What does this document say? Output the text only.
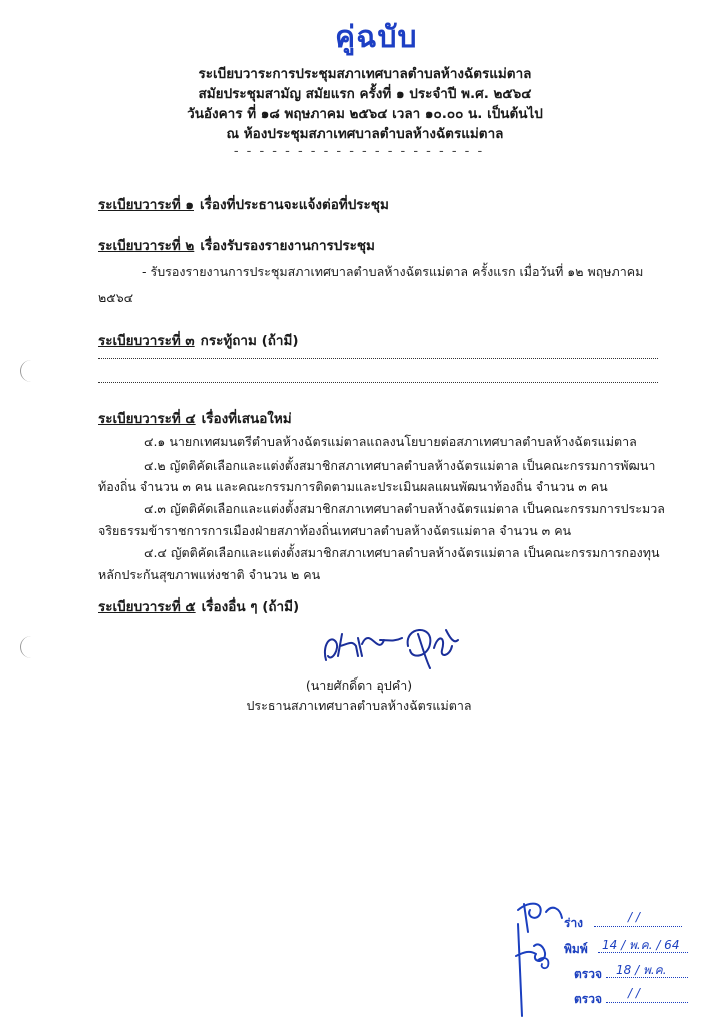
คู่ฉบับ
ระเบียบวาระการประชุมสภาเทศบาลตำบลห้างฉัตรแม่ตาล
สมัยประชุมสามัญ สมัยแรก ครั้งที่ ๑ ประจำปี พ.ศ. ๒๕๖๔
วันอังคาร ที่ ๑๘ พฤษภาคม ๒๕๖๔ เวลา ๑๐.๐๐ น. เป็นต้นไป
ณ ห้องประชุมสภาเทศบาลตำบลห้างฉัตรแม่ตาล
- - - - - - - - - - - - - - - - - - - -
ระเบียบวาระที่ ๑ เรื่องที่ประธานจะแจ้งต่อที่ประชุม
ระเบียบวาระที่ ๒ เรื่องรับรองรายงานการประชุม
- รับรองรายงานการประชุมสภาเทศบาลตำบลห้างฉัตรแม่ตาล ครั้งแรก เมื่อวันที่ ๑๒ พฤษภาคม
๒๕๖๔
ระเบียบวาระที่ ๓ กระทู้ถาม (ถ้ามี)
ระเบียบวาระที่ ๔ เรื่องที่เสนอใหม่
๔.๑ นายกเทศมนตรีตำบลห้างฉัตรแม่ตาลแถลงนโยบายต่อสภาเทศบาลตำบลห้างฉัตรแม่ตาล
๔.๒ ญัตติคัดเลือกและแต่งตั้งสมาชิกสภาเทศบาลตำบลห้างฉัตรแม่ตาล เป็นคณะกรรมการพัฒนา
ท้องถิ่น จำนวน ๓ คน และคณะกรรมการติดตามและประเมินผลแผนพัฒนาท้องถิ่น จำนวน ๓ คน
๔.๓ ญัตติคัดเลือกและแต่งตั้งสมาชิกสภาเทศบาลตำบลห้างฉัตรแม่ตาล เป็นคณะกรรมการประมวล
จริยธรรมข้าราชการการเมืองฝ่ายสภาท้องถิ่นเทศบาลตำบลห้างฉัตรแม่ตาล จำนวน ๓ คน
๔.๔ ญัตติคัดเลือกและแต่งตั้งสมาชิกสภาเทศบาลตำบลห้างฉัตรแม่ตาล เป็นคณะกรรมการกองทุน
หลักประกันสุขภาพแห่งชาติ จำนวน ๒ คน
ระเบียบวาระที่ ๕ เรื่องอื่น ๆ (ถ้ามี)
(นายศักดิ์ดา อุปคำ)
ประธานสภาเทศบาลตำบลห้างฉัตรแม่ตาล
ร่าง	/ /
พิมพ์ 14 / พ.ค. / 64
ตรวจ 18 / พ.ค.
ตรวจ / /
